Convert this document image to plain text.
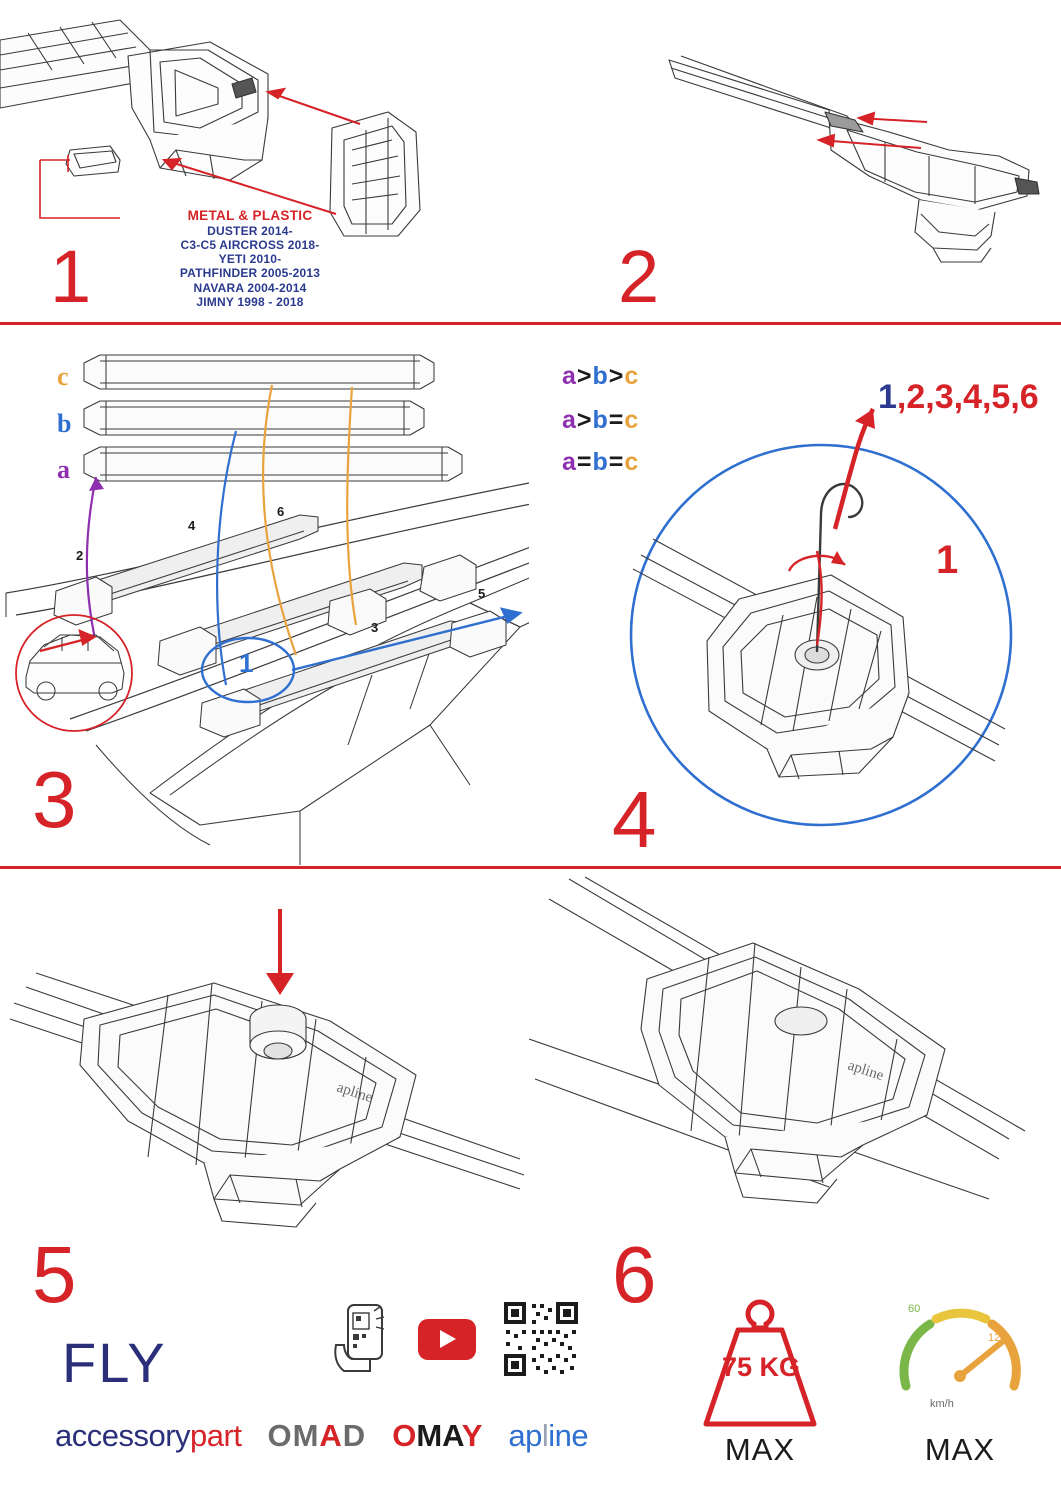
METAL & PLASTIC
DUSTER 2014-
C3-C5 AIRCROSS 2018-
YETI 2010-
PATHFINDER 2005-2013
NAVARA 2004-2014
JIMNY 1998 - 2018
1	2
c
b
a
a>b>c
a>b=c
a=b=c
2
4
6
3
5
1
3
1,2,3,4,5,6
1
4
apline
5
apline
6
FLY
accessorypart OMAD OMAY apline
75 KG
MAX
60
120
km/h
MAX
